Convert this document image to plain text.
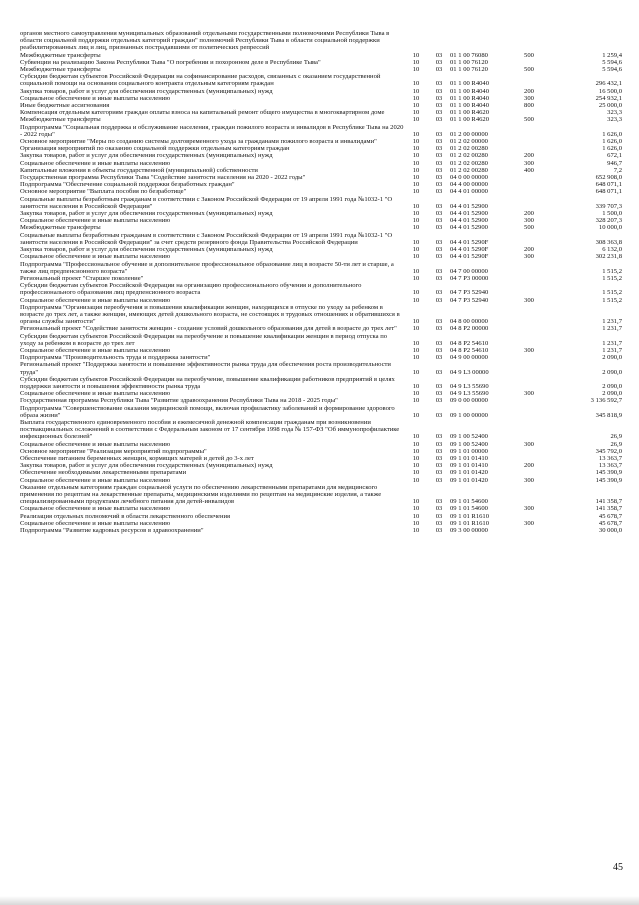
органов местного самоуправления муниципальных образований отдельными государственными полномочиями Республики Тыва в области социальной поддержки отдельных категорий граждан" полномочий Республики Тыва в области социальной поддержки реабилитированных лиц и лиц, признанных пострадавшими от политических репрессий					
Межбюджетные трансферты	10	03	01 1 00 76080	500	1 259,4
Субвенции на реализацию Закона Республики Тыва "О погребении и похоронном деле в Республике Тыва"	10	03	01 1 00 76120		5 594,6
Межбюджетные трансферты	10	03	01 1 00 76120	500	5 594,6
Субсидии бюджетам субъектов Российской Федерации на софинансирование расходов, связанных с оказанием государственной социальной помощи на основании социального контракта отдельным категориям граждан	10	03	01 1 00 R4040		296 432,1
Закупка товаров, работ и услуг для обеспечения государственных (муниципальных) нужд	10	03	01 1 00 R4040	200	16 500,0
Социальное обеспечение и иные выплаты населению	10	03	01 1 00 R4040	300	254 932,1
Иные бюджетные ассигнования	10	03	01 1 00 R4040	800	25 000,0
Компенсация отдельным категориям граждан оплаты взноса на капитальный ремонт общего имущества в многоквартирном доме	10	03	01 1 00 R4620		323,3
Межбюджетные трансферты	10	03	01 1 00 R4620	500	323,3
Подпрограмма "Социальная поддержка и обслуживание населения, граждан пожилого возраста и инвалидов в Республике Тыва на 2020 - 2022 годы"	10	03	01 2 00 00000		1 626,0
Основное мероприятие "Меры по созданию системы долговременного ухода за гражданами пожилого возраста и инвалидами"	10	03	01 2 02 00000		1 626,0
Организация мероприятий по оказанию социальной поддержки отдельным категориям граждан	10	03	01 2 02 00280		1 626,0
Закупка товаров, работ и услуг для обеспечения государственных (муниципальных) нужд	10	03	01 2 02 00280	200	672,1
Социальное обеспечение и иные выплаты населению	10	03	01 2 02 00280	300	946,7
Капитальные вложения в объекты государственной (муниципальной) собственности	10	03	01 2 02 00280	400	7,2
Государственная программа Республики Тыва "Содействие занятости населения на 2020 - 2022 годы"	10	03	04 0 00 00000		652 908,0
Подпрограмма "Обеспечение социальной поддержки безработных граждан"	10	03	04 4 00 00000		648 071,1
Основное мероприятие "Выплата пособия по безработице"	10	03	04 4 01 00000		648 071,1
Социальные выплаты безработным гражданам в соответствии с Законом Российской Федерации от 19 апреля 1991 года №1032-1 "О занятости населения в Российской Федерации"	10	03	04 4 01 52900		339 707,3
Закупка товаров, работ и услуг для обеспечения государственных (муниципальных) нужд	10	03	04 4 01 52900	200	1 500,0
Социальное обеспечение и иные выплаты населению	10	03	04 4 01 52900	300	328 207,3
Межбюджетные трансферты	10	03	04 4 01 52900	500	10 000,0
Социальные выплаты безработным гражданам в соответствии с Законом Российской Федерации от 19 апреля 1991 года №1032-1 "О занятости населения в Российской Федерации" за счет средств резервного фонда Правительства Российской Федерации	10	03	04 4 01 5290F		308 363,8
Закупка товаров, работ и услуг для обеспечения государственных (муниципальных) нужд	10	03	04 4 01 5290F	200	6 132,0
Социальное обеспечение и иные выплаты населению	10	03	04 4 01 5290F	300	302 231,8
Подпрограмма "Профессиональное обучение и дополнительное профессиональное образование лиц в возрасте 50-ти лет и старше, а также лиц предпенсионного возраста"	10	03	04 7 00 00000		1 515,2
Региональный проект "Старшее поколение"	10	03	04 7 P3 00000		1 515,2
Субсидии бюджетам субъектов Российской Федерации на организацию профессионального обучения и дополнительного профессионального образования лиц предпенсионного возраста	10	03	04 7 P3 52940		1 515,2
Социальное обеспечение и иные выплаты населению	10	03	04 7 P3 52940	300	1 515,2
Подпрограмма "Организация переобучения и повышения квалификации женщин, находящихся в отпуске по уходу за ребенком в возрасте до трех лет, а также женщин, имеющих детей дошкольного возраста, не состоящих в трудовых отношениях и обратившихся в органы службы занятости"	10	03	04 8 00 00000		1 231,7
Региональный проект "Содействие занятости женщин - создание условий дошкольного образования для детей в возрасте до трех лет"	10	03	04 8 P2 00000		1 231,7
Субсидии бюджетам субъектов Российской Федерации на переобучение и повышение квалификации женщин в период отпуска по уходу за ребенком в возрасте до трех лет	10	03	04 8 P2 54610		1 231,7
Социальное обеспечение и иные выплаты населению	10	03	04 8 P2 54610	300	1 231,7
Подпрограмма "Производительность труда и поддержка занятости"	10	03	04 9 00 00000		2 090,0
Региональный проект "Поддержка занятости и повышение эффективности рынка труда для обеспечения роста производительности труда"	10	03	04 9 L3 00000		2 090,0
Субсидии бюджетам субъектов Российской Федерации на переобучение, повышение квалификации работников предприятий в целях поддержки занятости и повышения эффективности рынка труда	10	03	04 9 L3 55690		2 090,0
Социальное обеспечение и иные выплаты населению	10	03	04 9 L3 55690	300	2 090,0
Государственная программа Республики Тыва "Развитие здравоохранения Республики Тыва на 2018 - 2025 годы"	10	03	09 0 00 00000		3 136 592,7
Подпрограмма "Совершенствование оказания медицинской помощи, включая профилактику заболеваний и формирование здорового образа жизни"	10	03	09 1 00 00000		345 818,9
Выплата государственного единовременного пособия и ежемесячной денежной компенсации гражданам при возникновении поствакцинальных осложнений в соответствии с Федеральным законом от 17 сентября 1998 года № 157-ФЗ "Об иммунопрофилактике инфекционных болезней"	10	03	09 1 00 52400		26,9
Социальное обеспечение и иные выплаты населению	10	03	09 1 00 52400	300	26,9
Основное мероприятие "Реализация мероприятий подпрограммы"	10	03	09 1 01 00000		345 792,0
Обеспечение питанием беременных женщин, кормящих матерей и детей до 3-х лет	10	03	09 1 01 01410		13 363,7
Закупка товаров, работ и услуг для обеспечения государственных (муниципальных) нужд	10	03	09 1 01 01410	200	13 363,7
Обеспечение необходимыми лекарственными препаратами	10	03	09 1 01 01420		145 390,9
Социальное обеспечение и иные выплаты населению	10	03	09 1 01 01420	300	145 390,9
Оказание отдельным категориям граждан социальной услуги по обеспечению лекарственными препаратами для медицинского применения по рецептам на лекарственные препараты, медицинскими изделиями по рецептам на медицинские изделия, а также специализированными продуктами лечебного питания для детей-инвалидов	10	03	09 1 01 54600		141 358,7
Социальное обеспечение и иные выплаты населению	10	03	09 1 01 54600	300	141 358,7
Реализация отдельных полномочий в области лекарственного обеспечения	10	03	09 1 01 R1610		45 678,7
Социальное обеспечение и иные выплаты населению	10	03	09 1 01 R1610	300	45 678,7
Подпрограмма "Развитие кадровых ресурсов в здравоохранении"	10	03	09 3 00 00000		30 000,0
45
